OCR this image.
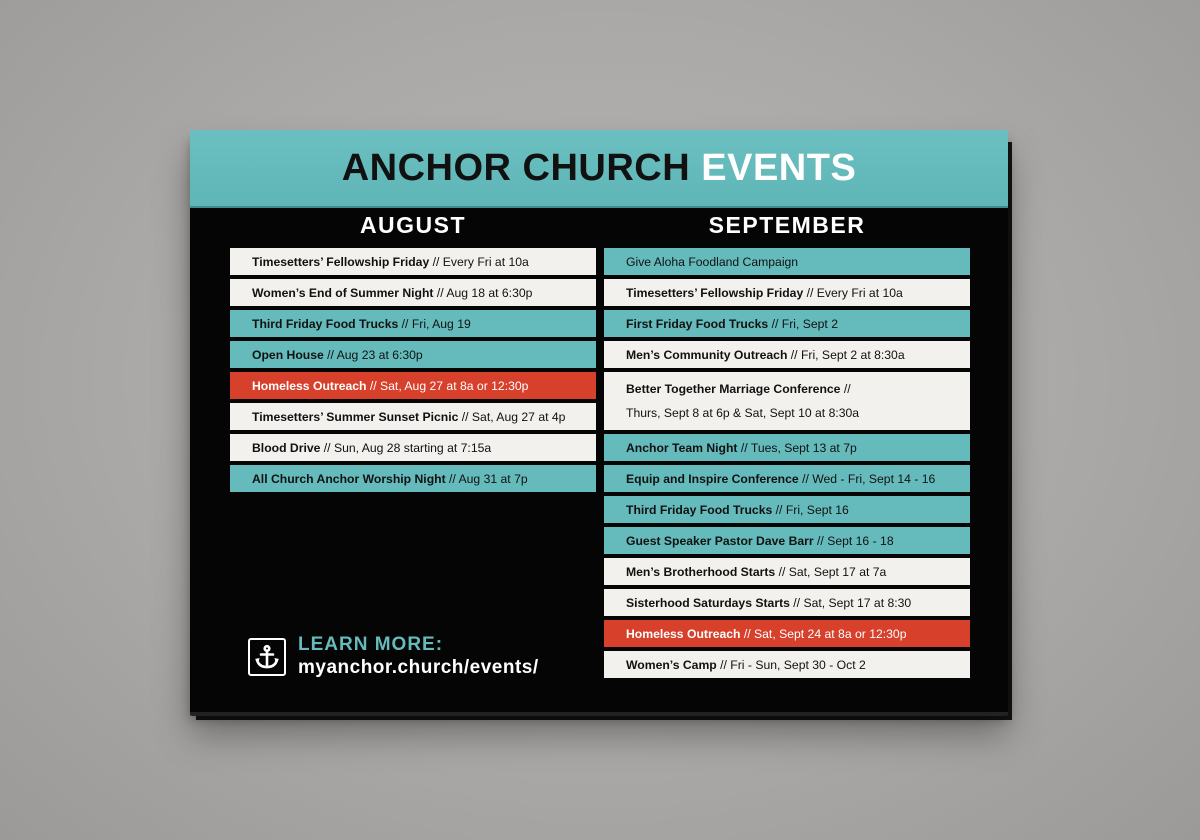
ANCHOR CHURCH EVENTS
AUGUST	SEPTEMBER
Timesetters’ Fellowship Friday // Every Fri at 10a
Women’s End of Summer Night // Aug 18 at 6:30p
Third Friday Food Trucks // Fri, Aug 19
Open House // Aug 23 at 6:30p
Homeless Outreach // Sat, Aug 27 at 8a or 12:30p
Timesetters’ Summer Sunset Picnic // Sat, Aug 27 at 4p
Blood Drive // Sun, Aug 28 starting at 7:15a
All Church Anchor Worship Night // Aug 31 at 7p
Give Aloha Foodland Campaign
Timesetters’ Fellowship Friday // Every Fri at 10a
First Friday Food Trucks // Fri, Sept 2
Men’s Community Outreach // Fri, Sept 2 at 8:30a
Better Together Marriage Conference //
Thurs, Sept 8 at 6p & Sat, Sept 10 at 8:30a
Anchor Team Night // Tues, Sept 13 at 7p
Equip and Inspire Conference // Wed - Fri, Sept 14 - 16
Third Friday Food Trucks // Fri, Sept 16
Guest Speaker Pastor Dave Barr // Sept 16 - 18
Men’s Brotherhood Starts // Sat, Sept 17 at 7a
Sisterhood Saturdays Starts // Sat, Sept 17 at 8:30
Homeless Outreach // Sat, Sept 24 at 8a or 12:30p
Women’s Camp // Fri - Sun, Sept 30 - Oct 2
LEARN MORE:
myanchor.church/events/
